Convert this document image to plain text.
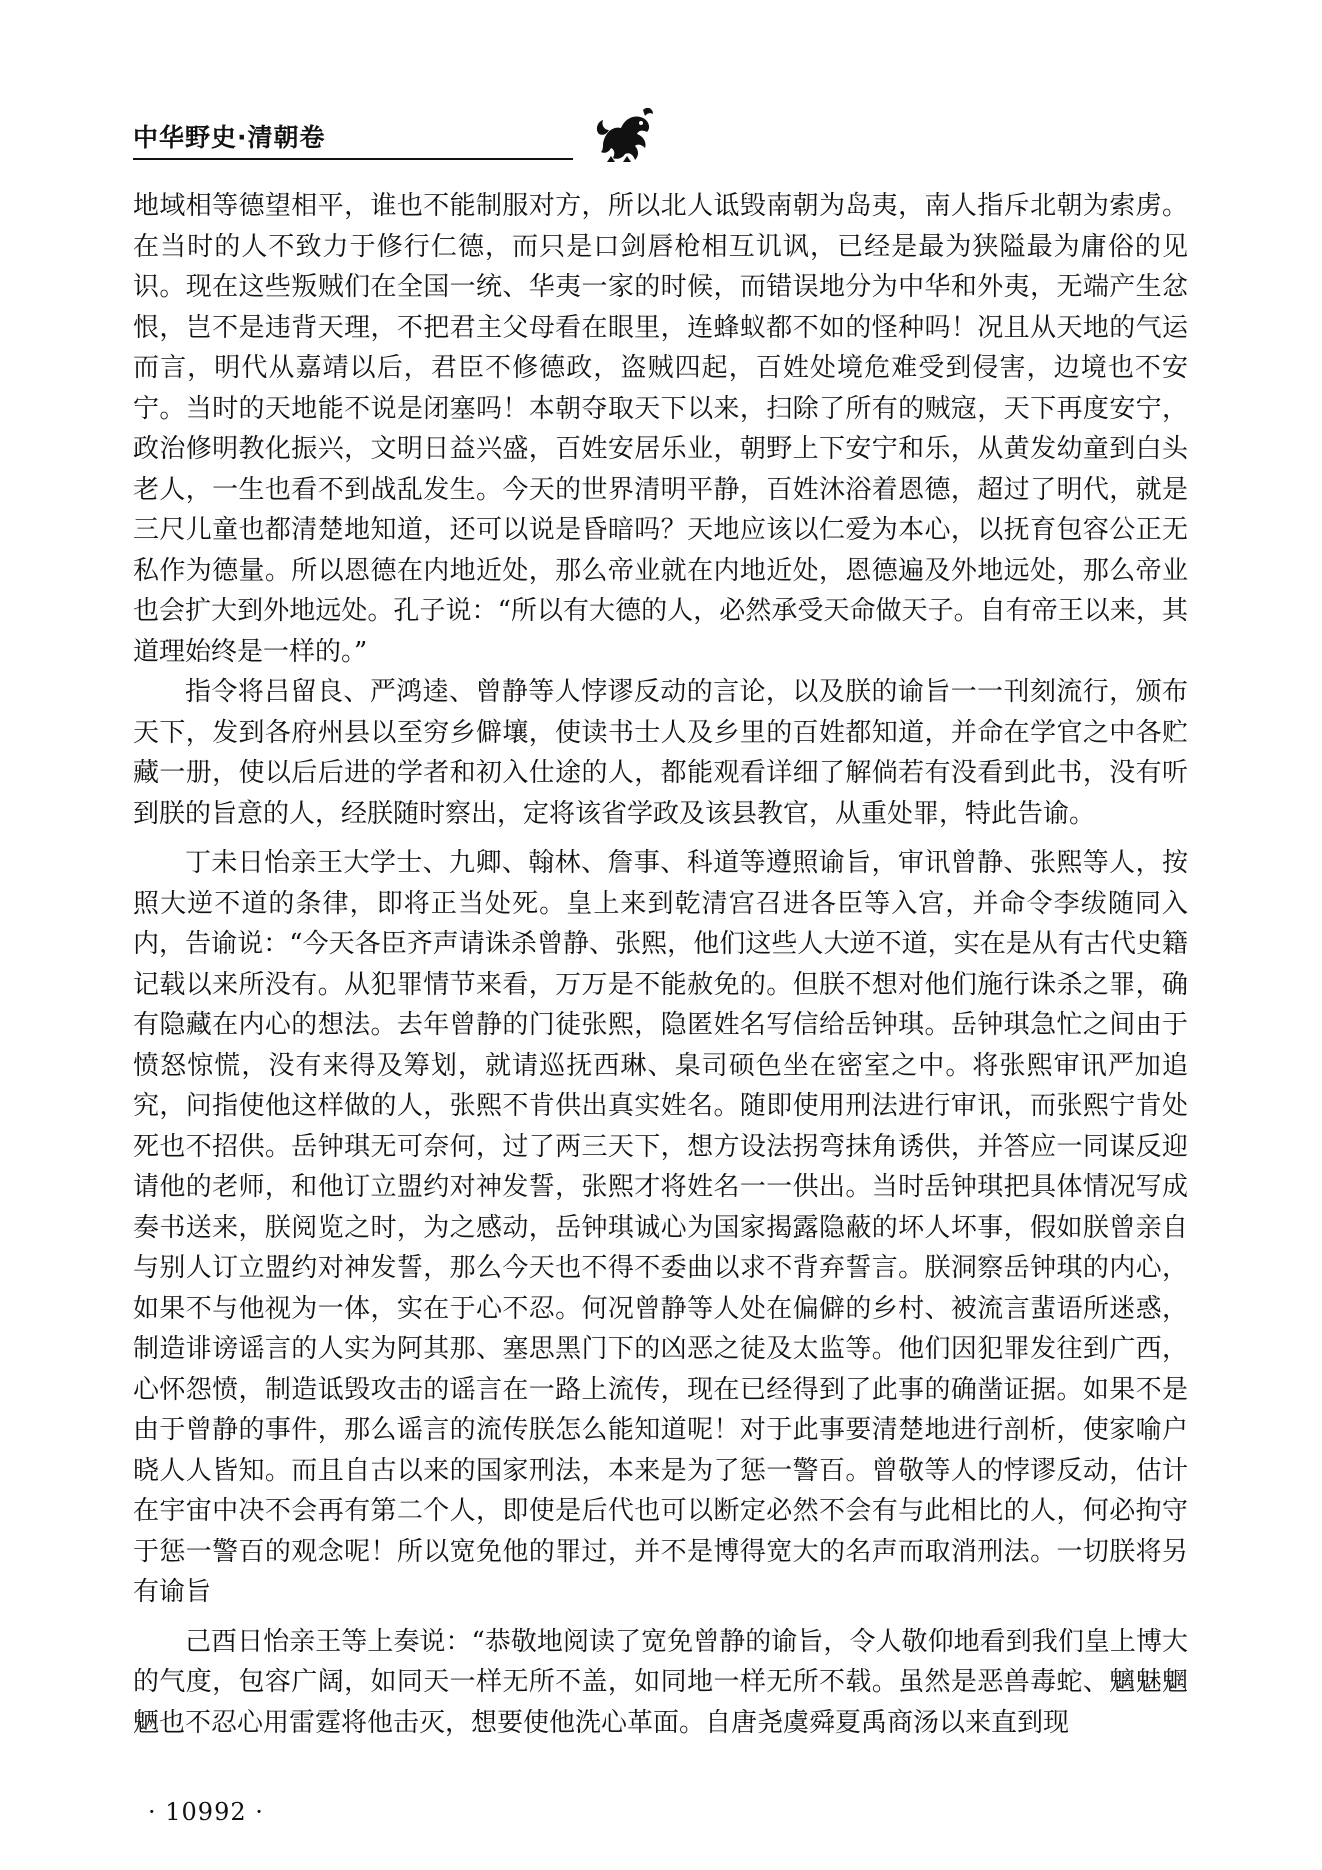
中华野史·清朝卷

地域相等德望相平，谁也不能制服对方，所以北人诋毁南朝为岛夷，南人指斥北朝为索虏。在当时的人不致力于修行仁德，而只是口剑唇枪相互讥讽，已经是最为狭隘最为庸俗的见识。现在这些叛贼们在全国一统、华夷一家的时候，而错误地分为中华和外夷，无端产生忿恨，岂不是违背天理，不把君主父母看在眼里，连蜂蚁都不如的怪种吗！况且从天地的气运而言，明代从嘉靖以后，君臣不修德政，盗贼四起，百姓处境危难受到侵害，边境也不安宁。当时的天地能不说是闭塞吗！本朝夺取天下以来，扫除了所有的贼寇，天下再度安宁，政治修明教化振兴，文明日益兴盛，百姓安居乐业，朝野上下安宁和乐，从黄发幼童到白头老人，一生也看不到战乱发生。今天的世界清明平静，百姓沐浴着恩德，超过了明代，就是三尺儿童也都清楚地知道，还可以说是昏暗吗？天地应该以仁爱为本心，以抚育包容公正无私作为德量。所以恩德在内地近处，那么帝业就在内地近处，恩德遍及外地远处，那么帝业也会扩大到外地远处。孔子说：“所以有大德的人，必然承受天命做天子。自有帝王以来，其道理始终是一样的。”

指令将吕留良、严鸿逵、曾静等人悖谬反动的言论，以及朕的谕旨一一刊刻流行，颁布天下，发到各府州县以至穷乡僻壤，使读书士人及乡里的百姓都知道，并命在学官之中各贮藏一册，使以后后进的学者和初入仕途的人，都能观看详细了解倘若有没看到此书，没有听到朕的旨意的人，经朕随时察出，定将该省学政及该县教官，从重处罪，特此告谕。

丁未日怡亲王大学士、九卿、翰林、詹事、科道等遵照谕旨，审讯曾静、张熙等人，按照大逆不道的条律，即将正当处死。皇上来到乾清宫召进各臣等入宫，并命令李绂随同入内，告谕说：“今天各臣齐声请诛杀曾静、张熙，他们这些人大逆不道，实在是从有古代史籍记载以来所没有。从犯罪情节来看，万万是不能赦免的。但朕不想对他们施行诛杀之罪，确有隐藏在内心的想法。去年曾静的门徒张熙，隐匿姓名写信给岳钟琪。岳钟琪急忙之间由于愤怒惊慌，没有来得及筹划，就请巡抚西琳、臬司硕色坐在密室之中。将张熙审讯严加追究，问指使他这样做的人，张熙不肯供出真实姓名。随即使用刑法进行审讯，而张熙宁肯处死也不招供。岳钟琪无可奈何，过了两三天下，想方设法拐弯抹角诱供，并答应一同谋反迎请他的老师，和他订立盟约对神发誓，张熙才将姓名一一供出。当时岳钟琪把具体情况写成奏书送来，朕阅览之时，为之感动，岳钟琪诚心为国家揭露隐蔽的坏人坏事，假如朕曾亲自与别人订立盟约对神发誓，那么今天也不得不委曲以求不背弃誓言。朕洞察岳钟琪的内心，如果不与他视为一体，实在于心不忍。何况曾静等人处在偏僻的乡村、被流言蜚语所迷惑，制造诽谤谣言的人实为阿其那、塞思黑门下的凶恶之徒及太监等。他们因犯罪发往到广西，心怀怨愤，制造诋毁攻击的谣言在一路上流传，现在已经得到了此事的确凿证据。如果不是由于曾静的事件，那么谣言的流传朕怎么能知道呢！对于此事要清楚地进行剖析，使家喻户晓人人皆知。而且自古以来的国家刑法，本来是为了惩一警百。曾敬等人的悖谬反动，估计在宇宙中决不会再有第二个人，即使是后代也可以断定必然不会有与此相比的人，何必拘守于惩一警百的观念呢！所以宽免他的罪过，并不是博得宽大的名声而取消刑法。一切朕将另有谕旨

己酉日怡亲王等上奏说：“恭敬地阅读了宽免曾静的谕旨，令人敬仰地看到我们皇上博大的气度，包容广阔，如同天一样无所不盖，如同地一样无所不载。虽然是恶兽毒蛇、魑魅魍魉也不忍心用雷霆将他击灭，想要使他洗心革面。自唐尧虞舜夏禹商汤以来直到现

· 10992 ·
